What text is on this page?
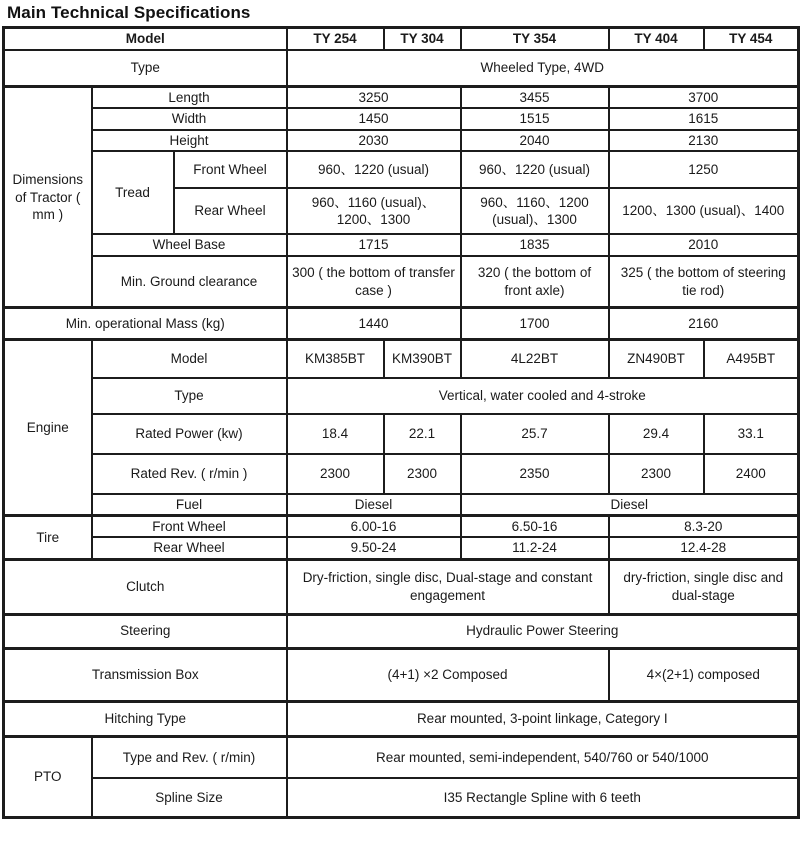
Main Technical Specifications
Model			TY 254	TY 304	TY 354	TY 404	TY 454
Type			Wheeled Type, 4WD				
Dimensions of Tractor ( mm )	Length		3250		3455	3700	
	Width		1450		1515	1615	
	Height		2030		2040	2130	
	Tread	Front Wheel	960、1220 (usual)		960、1220 (usual)	1250	
		Rear Wheel	960、1160 (usual)、1200、1300		960、1160、1200 (usual)、1300	1200、1300 (usual)、1400	
	Wheel Base		1715		1835	2010	
	Min. Ground clearance		300 ( the bottom of transfer case )		320 ( the bottom of front axle)	325 ( the bottom of steering tie rod)	
Min. operational Mass (kg)			1440		1700	2160	
Engine	Model		KM385BT	KM390BT	4L22BT	ZN490BT	A495BT
	Type		Vertical, water cooled and 4-stroke				
	Rated Power (kw)		18.4	22.1	25.7	29.4	33.1
	Rated Rev. ( r/min )		2300	2300	2350	2300	2400
	Fuel		Diesel		Diesel		
Tire	Front Wheel		6.00-16		6.50-16	8.3-20	
	Rear Wheel		9.50-24		11.2-24	12.4-28	
Clutch			Dry-friction, single disc, Dual-stage and constant engagement			dry-friction, single disc and dual-stage	
Steering			Hydraulic Power Steering				
Transmission Box			(4+1) ×2 Composed			4×(2+1) composed	
Hitching Type			Rear mounted, 3-point linkage, Category I				
PTO	Type and Rev. ( r/min)		Rear mounted, semi-independent, 540/760 or 540/1000				
	Spline Size		I35 Rectangle Spline with 6 teeth				
